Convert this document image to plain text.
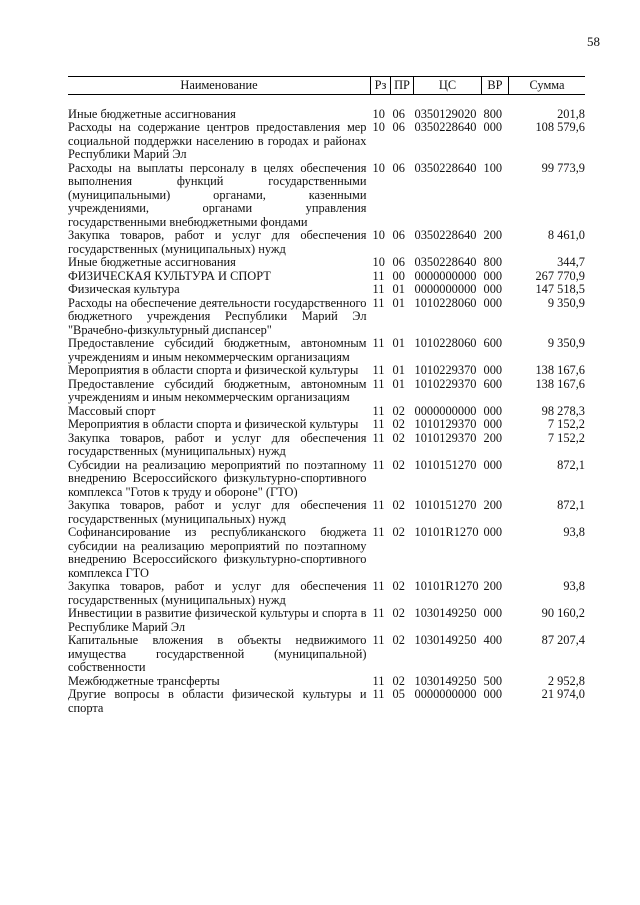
58
Наименование	Рз	ПР	ЦС	ВР	Сумма
Иные бюджетные ассигнования	10	06	0350129020	800	201,8
Расходы на содержание центров предоставления мер социальной поддержки населению в городах и районах Республики Марий Эл	10	06	0350228640	000	108 579,6
Расходы на выплаты персоналу в целях обеспечения выполнения функций государственными (муниципальными) органами, казенными учреждениями, органами управления государственными внебюджетными фондами	10	06	0350228640	100	99 773,9
Закупка товаров, работ и услуг для обеспечения государственных (муниципальных) нужд	10	06	0350228640	200	8 461,0
Иные бюджетные ассигнования	10	06	0350228640	800	344,7
ФИЗИЧЕСКАЯ КУЛЬТУРА И СПОРТ	11	00	0000000000	000	267 770,9
Физическая культура	11	01	0000000000	000	147 518,5
Расходы на обеспечение деятельности государственного бюджетного учреждения Республики Марий Эл "Врачебно-физкультурный диспансер"	11	01	1010228060	000	9 350,9
Предоставление субсидий бюджетным, автономным учреждениям и иным некоммерческим организациям	11	01	1010228060	600	9 350,9
Мероприятия в области спорта и физической культуры	11	01	1010229370	000	138 167,6
Предоставление субсидий бюджетным, автономным учреждениям и иным некоммерческим организациям	11	01	1010229370	600	138 167,6
Массовый спорт	11	02	0000000000	000	98 278,3
Мероприятия в области спорта и физической культуры	11	02	1010129370	000	7 152,2
Закупка товаров, работ и услуг для обеспечения государственных (муниципальных) нужд	11	02	1010129370	200	7 152,2
Субсидии на реализацию мероприятий по поэтапному внедрению Всероссийского физкультурно-спортивного комплекса "Готов к труду и обороне" (ГТО)	11	02	1010151270	000	872,1
Закупка товаров, работ и услуг для обеспечения государственных (муниципальных) нужд	11	02	1010151270	200	872,1
Софинансирование из республиканского бюджета субсидии на реализацию мероприятий по поэтапному внедрению Всероссийского физкультурно-спортивного комплекса ГТО	11	02	10101R1270	000	93,8
Закупка товаров, работ и услуг для обеспечения государственных (муниципальных) нужд	11	02	10101R1270	200	93,8
Инвестиции в развитие физической культуры и спорта в Республике Марий Эл	11	02	1030149250	000	90 160,2
Капитальные вложения в объекты недвижимого имущества государственной (муниципальной) собственности	11	02	1030149250	400	87 207,4
Межбюджетные трансферты	11	02	1030149250	500	2 952,8
Другие вопросы в области физической культуры и спорта	11	05	0000000000	000	21 974,0
